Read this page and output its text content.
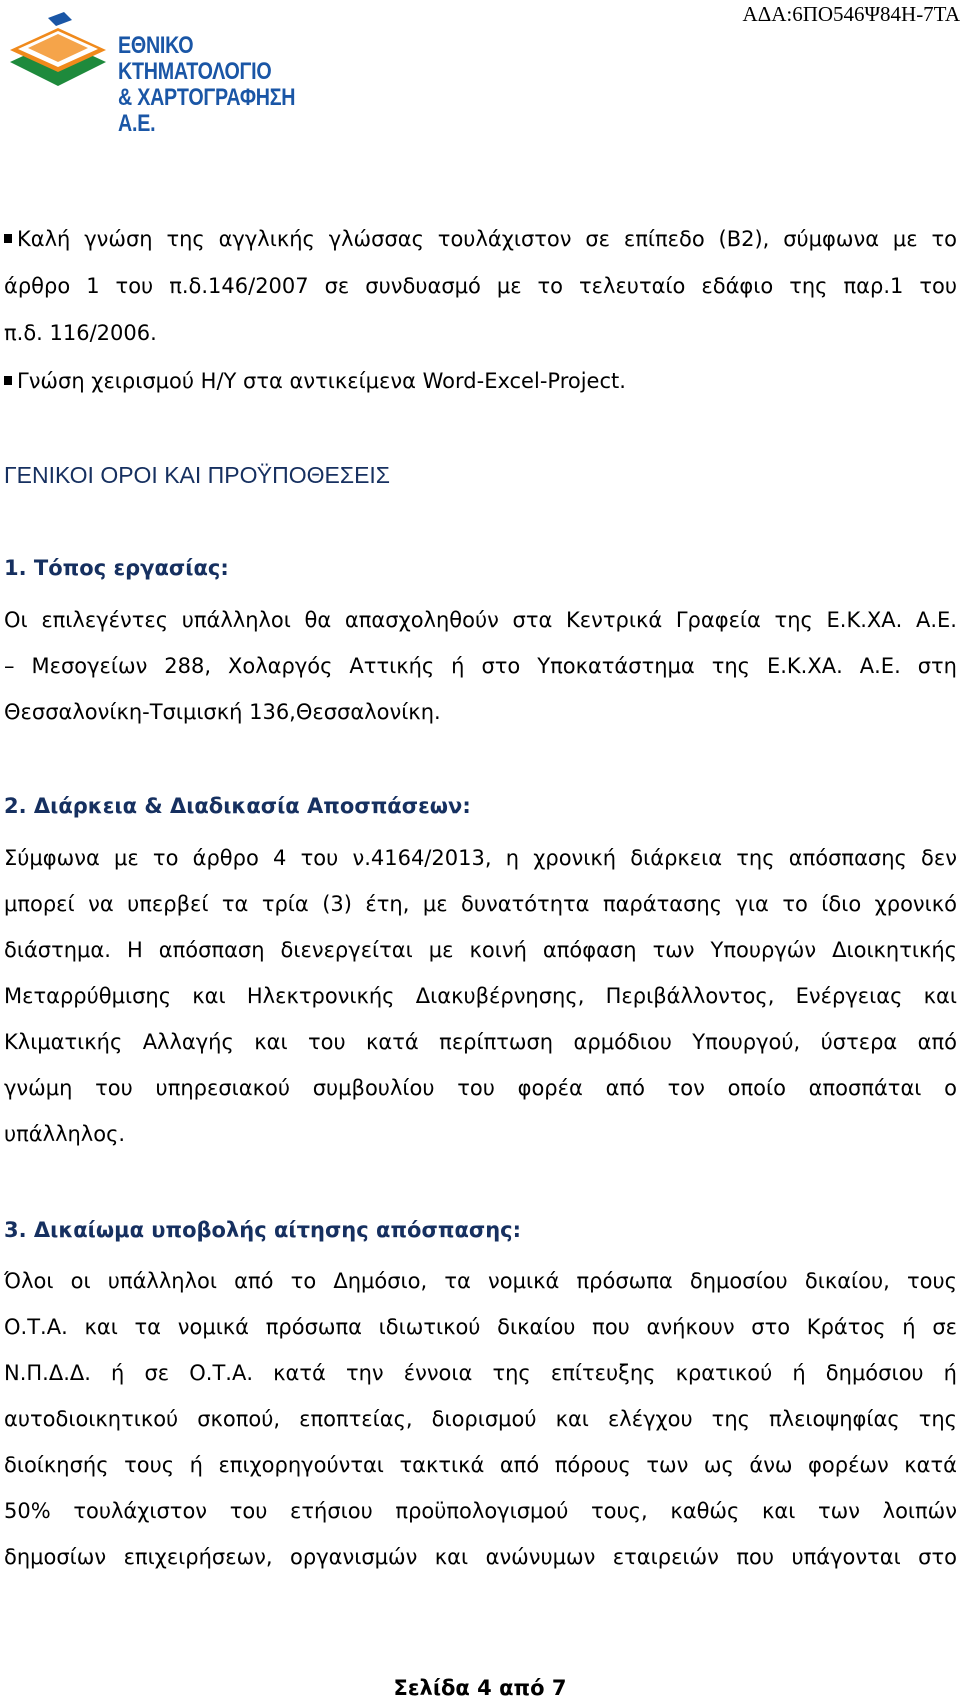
ΑΔΑ:6ΠΟ546Ψ84Η-7ΤΑ
ΕΘΝΙΚΟ ΚΤΗΜΑΤΟΛΟΓΙΟ
& ΧΑΡΤΟΓΡΑΦΗΣΗ Α.Ε.
Καλή γνώση της αγγλικής γλώσσας τουλάχιστον σε επίπεδο (Β2), σύμφωνα με το
άρθρο 1 του π.δ.146/2007 σε συνδυασμό με το τελευταίο εδάφιο της παρ.1 του
π.δ. 116/2006.
Γνώση χειρισμού Η/Υ στα αντικείμενα Word-Excel-Project.
ΓΕΝΙΚΟΙ ΟΡΟΙ ΚΑΙ ΠΡΟΫΠΟΘΕΣΕΙΣ
1. Τόπος εργασίας:
Οι επιλεγέντες υπάλληλοι θα απασχοληθούν στα Κεντρικά Γραφεία της Ε.Κ.ΧΑ. Α.Ε.
– Μεσογείων 288, Χολαργός Αττικής ή στο Υποκατάστημα της Ε.Κ.ΧΑ. Α.Ε. στη
Θεσσαλονίκη-Τσιμισκή 136,Θεσσαλονίκη.
2. Διάρκεια & Διαδικασία Αποσπάσεων:
Σύμφωνα με το άρθρο 4 του ν.4164/2013, η χρονική διάρκεια της απόσπασης δεν
μπορεί να υπερβεί τα τρία (3) έτη, με δυνατότητα παράτασης για το ίδιο χρονικό
διάστημα. Η απόσπαση διενεργείται με κοινή απόφαση των Υπουργών Διοικητικής
Μεταρρύθμισης και Ηλεκτρονικής Διακυβέρνησης, Περιβάλλοντος, Ενέργειας και
Κλιματικής Αλλαγής και του κατά περίπτωση αρμόδιου Υπουργού, ύστερα από
γνώμη του υπηρεσιακού συμβουλίου του φορέα από τον οποίο αποσπάται ο
υπάλληλος.
3. Δικαίωμα υποβολής αίτησης απόσπασης:
Όλοι οι υπάλληλοι από το Δημόσιο, τα νομικά πρόσωπα δημοσίου δικαίου, τους
Ο.Τ.Α. και τα νομικά πρόσωπα ιδιωτικού δικαίου που ανήκουν στο Κράτος ή σε
Ν.Π.Δ.Δ. ή σε Ο.Τ.Α. κατά την έννοια της επίτευξης κρατικού ή δημόσιου ή
αυτοδιοικητικού σκοπού, εποπτείας, διορισμού και ελέγχου της πλειοψηφίας της
διοίκησής τους ή επιχορηγούνται τακτικά από πόρους των ως άνω φορέων κατά
50% τουλάχιστον του ετήσιου προϋπολογισμού τους, καθώς και των λοιπών
δημοσίων επιχειρήσεων, οργανισμών και ανώνυμων εταιρειών που υπάγονται στο
Σελίδα 4 από 7
